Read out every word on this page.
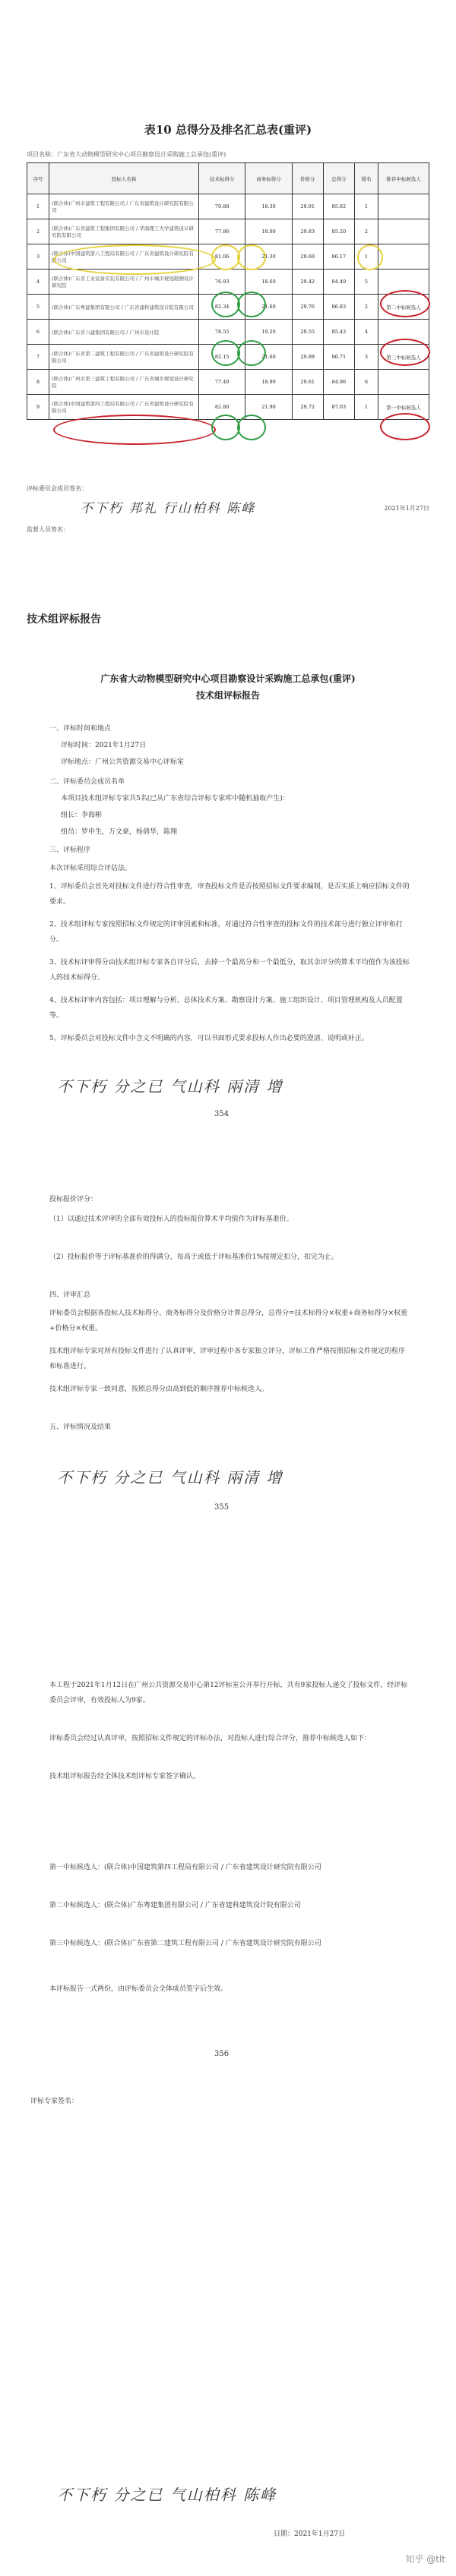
表10 总得分及排名汇总表(重评)
项目名称：广东省大动物模型研究中心项目勘察设计采购施工总承包(重评)
序号	投标人名称	技术标得分	商务标得分	价格分	总得分	排名	推荐中标候选人
1	(联合体)广州市建筑工程有限公司 / 广东省建筑设计研究院有限公司	79.88	18.30	29.91	85.82	1	
2	(联合体)广东省建筑工程集团有限公司 / 华南理工大学建筑设计研究院有限公司	77.86	18.00	29.83	85.20	2	
3	(联合体)中国建筑第八工程局有限公司 / 广东省建筑设计研究院有限公司	81.06	21.30	29.69	86.17	1	
4	(联合体)广东省工业设备安装有限公司 / 广州市城市规划勘测设计研究院	76.93	18.60	29.42	84.49	5	
5	(联合体)广东粤建集团有限公司 / 广东省建科建筑设计院有限公司	82.34	21.60	29.76	86.83	2	第二中标候选人
6	(联合体)广东省六建集团有限公司 / 广州市设计院	78.55	19.20	29.55	85.43	4	
7	(联合体)广东省第二建筑工程有限公司 / 广东省建筑设计研究院有限公司	82.15	21.60	29.88	86.71	3	第三中标候选人
8	(联合体)广州市第三建筑工程有限公司 / 广东省城乡规划设计研究院	77.40	18.90	29.61	84.96	6	
9	(联合体)中国建筑第四工程局有限公司 / 广东省建筑设计研究院有限公司	82.80	21.90	29.72	87.03	1	第一中标候选人
评标委员会成员签名：
不下朽 邦礼 行山柏科 陈峰
监督人员签名：
2021年1月27日
技术组评标报告
广东省大动物模型研究中心项目勘察设计采购施工总承包(重评)
技术组评标报告
一、评标时间和地点
评标时间：2021年1月27日
评标地点：广州公共资源交易中心评标室
二、评标委员会成员名单
本项目技术组评标专家共5名(已从广东省综合评标专家库中随机抽取产生)：
组长：李海彬
组员：罗申生，万文豪，杨倩华，陈翔
三、评标程序
本次评标采用综合评估法。
1、评标委员会首先对投标文件进行符合性审查，审查投标文件是否按照招标文件要求编制，是否实质上响应招标文件的要求。
2、技术组评标专家按照招标文件规定的评审因素和标准，对通过符合性审查的投标文件的技术部分进行独立评审和打分。
3、技术标评审得分由技术组评标专家各自评分后，去掉一个最高分和一个最低分，取其余评分的算术平均值作为该投标人的技术标得分。
4、技术标评审内容包括：项目理解与分析、总体技术方案、勘察设计方案、施工组织设计、项目管理机构及人员配置等。
5、评标委员会对投标文件中含义不明确的内容，可以书面形式要求投标人作出必要的澄清、说明或补正。
不下朽 分之已 气山科 兩清 增
354
投标报价评分：
（1）以通过技术评审的全部有效投标人的投标报价算术平均值作为评标基准价。
（2）投标报价等于评标基准价的得满分，每高于或低于评标基准价1%按规定扣分，扣完为止。
四、评审汇总
评标委员会根据各投标人技术标得分、商务标得分及价格分计算总得分，总得分=技术标得分×权重+商务标得分×权重+价格分×权重。
技术组评标专家对所有投标文件进行了认真评审，评审过程中各专家独立评分，评标工作严格按照招标文件规定的程序和标准进行。
技术组评标专家一致同意，按照总得分由高到低的顺序推荐中标候选人。
五、评标情况及结果
不下朽 分之已 气山科 兩清 增
355
本工程于2021年1月12日在广州公共资源交易中心第12评标室公开举行开标，共有9家投标人递交了投标文件，经评标委员会评审，有效投标人为9家。
评标委员会经过认真评审，按照招标文件规定的评标办法，对投标人进行综合评分，推荐中标候选人如下：
技术组评标报告经全体技术组评标专家签字确认。
第一中标候选人：(联合体)中国建筑第四工程局有限公司 / 广东省建筑设计研究院有限公司
第二中标候选人：(联合体)广东粤建集团有限公司 / 广东省建科建筑设计院有限公司
第三中标候选人：(联合体)广东省第二建筑工程有限公司 / 广东省建筑设计研究院有限公司
本评标报告一式两份，由评标委员会全体成员签字后生效。
356
评标专家签名：
不下朽 分之已 气山柏科 陈峰
日期：2021年1月27日
知乎 @tlt
